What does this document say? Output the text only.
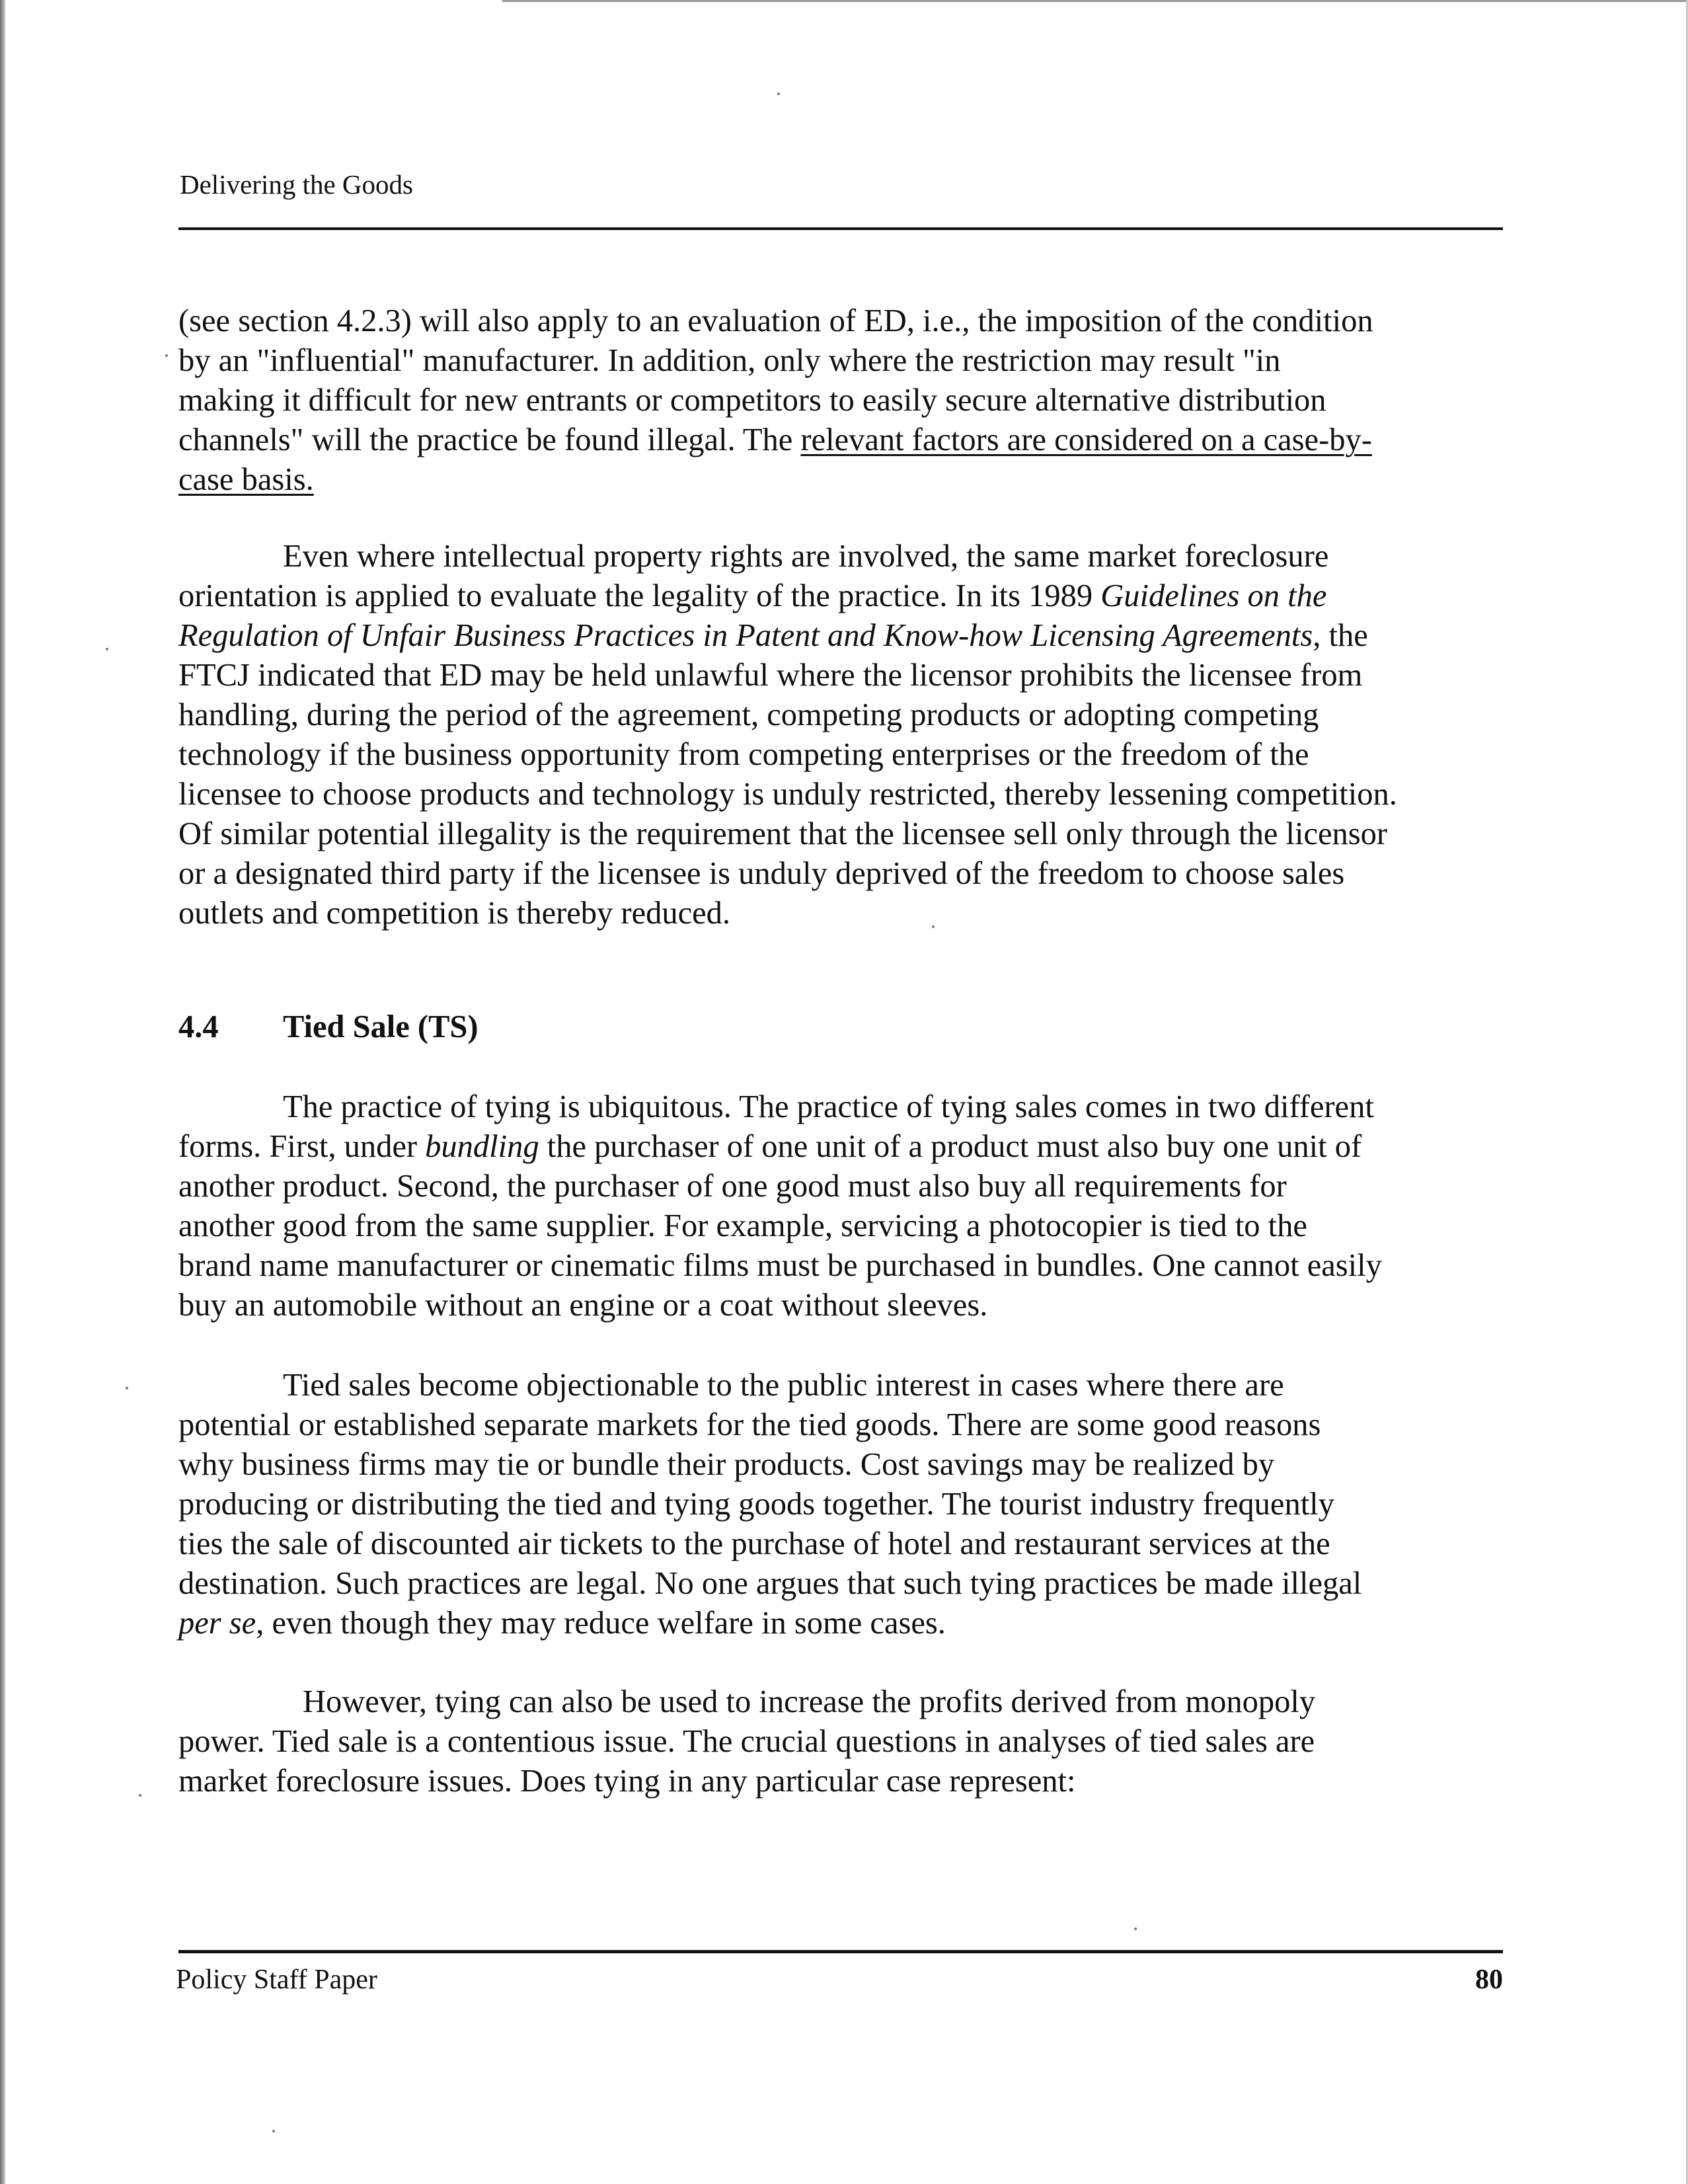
Delivering the Goods
(see section 4.2.3) will also apply to an evaluation of ED, i.e., the imposition of the condition
by an "influential" manufacturer. In addition, only where the restriction may result "in
making it difficult for new entrants or competitors to easily secure alternative distribution
channels" will the practice be found illegal. The relevant factors are considered on a case-by-
case basis.
Even where intellectual property rights are involved, the same market foreclosure
orientation is applied to evaluate the legality of the practice. In its 1989 Guidelines on the
Regulation of Unfair Business Practices in Patent and Know-how Licensing Agreements, the
FTCJ indicated that ED may be held unlawful where the licensor prohibits the licensee from
handling, during the period of the agreement, competing products or adopting competing
technology if the business opportunity from competing enterprises or the freedom of the
licensee to choose products and technology is unduly restricted, thereby lessening competition.
Of similar potential illegality is the requirement that the licensee sell only through the licensor
or a designated third party if the licensee is unduly deprived of the freedom to choose sales
outlets and competition is thereby reduced.
4.4 Tied Sale (TS)
The practice of tying is ubiquitous. The practice of tying sales comes in two different
forms. First, under bundling the purchaser of one unit of a product must also buy one unit of
another product. Second, the purchaser of one good must also buy all requirements for
another good from the same supplier. For example, servicing a photocopier is tied to the
brand name manufacturer or cinematic films must be purchased in bundles. One cannot easily
buy an automobile without an engine or a coat without sleeves.
Tied sales become objectionable to the public interest in cases where there are
potential or established separate markets for the tied goods. There are some good reasons
why business firms may tie or bundle their products. Cost savings may be realized by
producing or distributing the tied and tying goods together. The tourist industry frequently
ties the sale of discounted air tickets to the purchase of hotel and restaurant services at the
destination. Such practices are legal. No one argues that such tying practices be made illegal
per se, even though they may reduce welfare in some cases.
However, tying can also be used to increase the profits derived from monopoly
power. Tied sale is a contentious issue. The crucial questions in analyses of tied sales are
market foreclosure issues. Does tying in any particular case represent:
Policy Staff Paper	80
